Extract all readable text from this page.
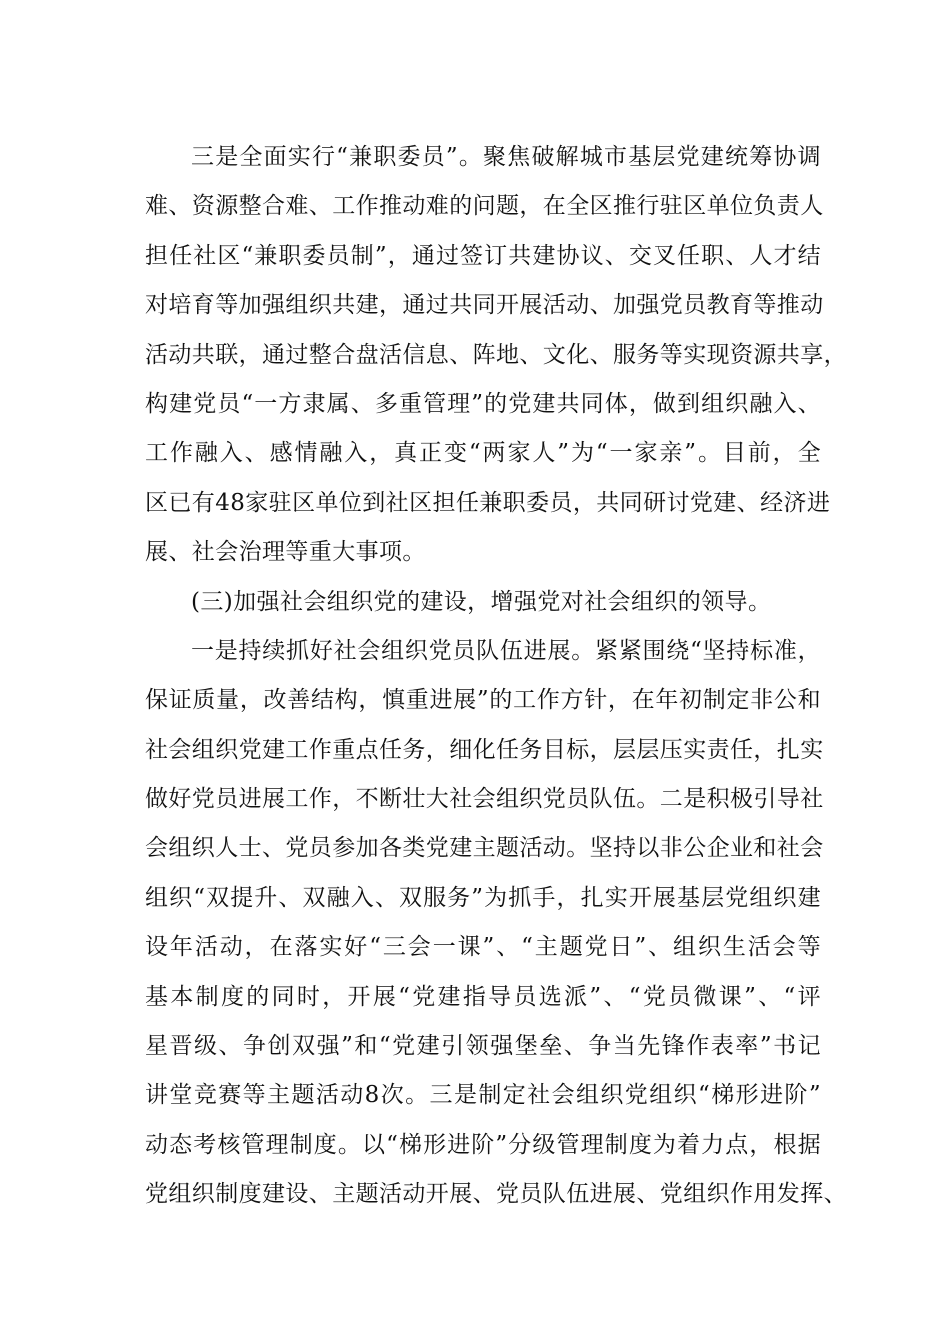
三是全面实行“兼职委员”。聚焦破解城市基层党建统筹协调
难、资源整合难、工作推动难的问题，在全区推行驻区单位负责人
担任社区“兼职委员制”，通过签订共建协议、交叉任职、人才结
对培育等加强组织共建，通过共同开展活动、加强党员教育等推动
活动共联，通过整合盘活信息、阵地、文化、服务等实现资源共享，
构建党员“一方隶属、多重管理”的党建共同体，做到组织融入、
工作融入、感情融入，真正变“两家人”为“一家亲”。目前，全
区已有48家驻区单位到社区担任兼职委员，共同研讨党建、经济进
展、社会治理等重大事项。
(三)加强社会组织党的建设，增强党对社会组织的领导。
一是持续抓好社会组织党员队伍进展。紧紧围绕“坚持标准，
保证质量，改善结构，慎重进展”的工作方针，在年初制定非公和
社会组织党建工作重点任务，细化任务目标，层层压实责任，扎实
做好党员进展工作，不断壮大社会组织党员队伍。二是积极引导社
会组织人士、党员参加各类党建主题活动。坚持以非公企业和社会
组织“双提升、双融入、双服务”为抓手，扎实开展基层党组织建
设年活动，在落实好“三会一课”、“主题党日”、组织生活会等
基本制度的同时，开展“党建指导员选派”、“党员微课”、“评
星晋级、争创双强”和“党建引领强堡垒、争当先锋作表率”书记
讲堂竞赛等主题活动8次。三是制定社会组织党组织“梯形进阶”
动态考核管理制度。以“梯形进阶”分级管理制度为着力点，根据
党组织制度建设、主题活动开展、党员队伍进展、党组织作用发挥、
